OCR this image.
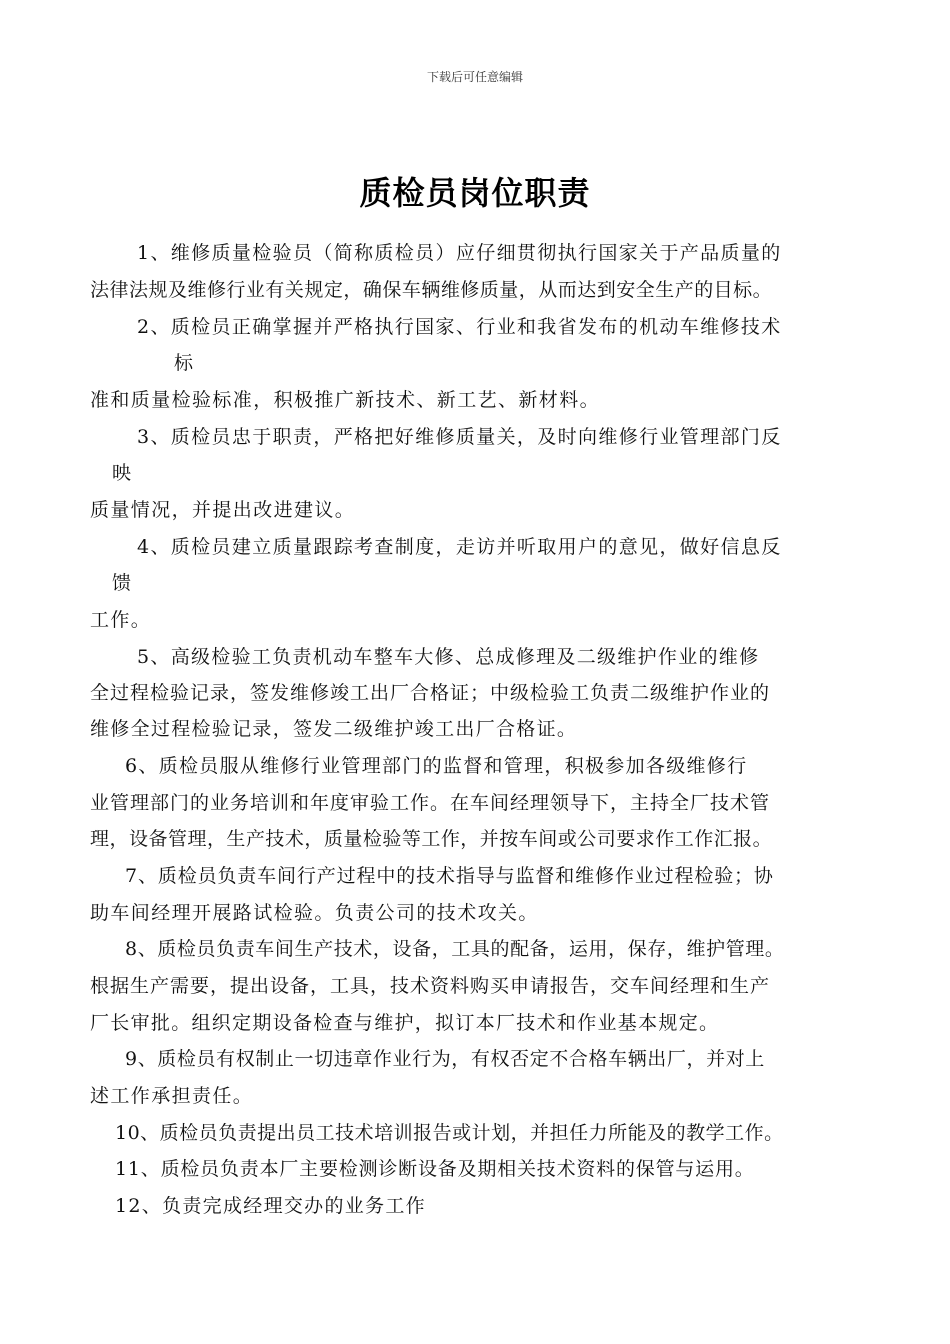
下载后可任意编辑
质检员岗位职责
1、维修质量检验员（简称质检员）应仔细贯彻执行国家关于产品质量的
法律法规及维修行业有关规定，确保车辆维修质量，从而达到安全生产的目标。
2、质检员正确掌握并严格执行国家、行业和我省发布的机动车维修技术
标
准和质量检验标准，积极推广新技术、新工艺、新材料。
3、质检员忠于职责，严格把好维修质量关，及时向维修行业管理部门反
映
质量情况，并提出改进建议。
4、质检员建立质量跟踪考查制度，走访并听取用户的意见，做好信息反
馈
工作。
5、高级检验工负责机动车整车大修、总成修理及二级维护作业的维修
全过程检验记录，签发维修竣工出厂合格证；中级检验工负责二级维护作业的
维修全过程检验记录，签发二级维护竣工出厂合格证。
6、质检员服从维修行业管理部门的监督和管理，积极参加各级维修行
业管理部门的业务培训和年度审验工作。在车间经理领导下，主持全厂技术管
理，设备管理，生产技术，质量检验等工作，并按车间或公司要求作工作汇报。
7、质检员负责车间行产过程中的技术指导与监督和维修作业过程检验；协
助车间经理开展路试检验。负责公司的技术攻关。
8、质检员负责车间生产技术，设备，工具的配备，运用，保存，维护管理。
根据生产需要，提出设备，工具，技术资料购买申请报告，交车间经理和生产
厂长审批。组织定期设备检查与维护，拟订本厂技术和作业基本规定。
9、质检员有权制止一切违章作业行为，有权否定不合格车辆出厂，并对上
述工作承担责任。
10、质检员负责提出员工技术培训报告或计划，并担任力所能及的教学工作。
11、质检员负责本厂主要检测诊断设备及期相关技术资料的保管与运用。
12、负责完成经理交办的业务工作
